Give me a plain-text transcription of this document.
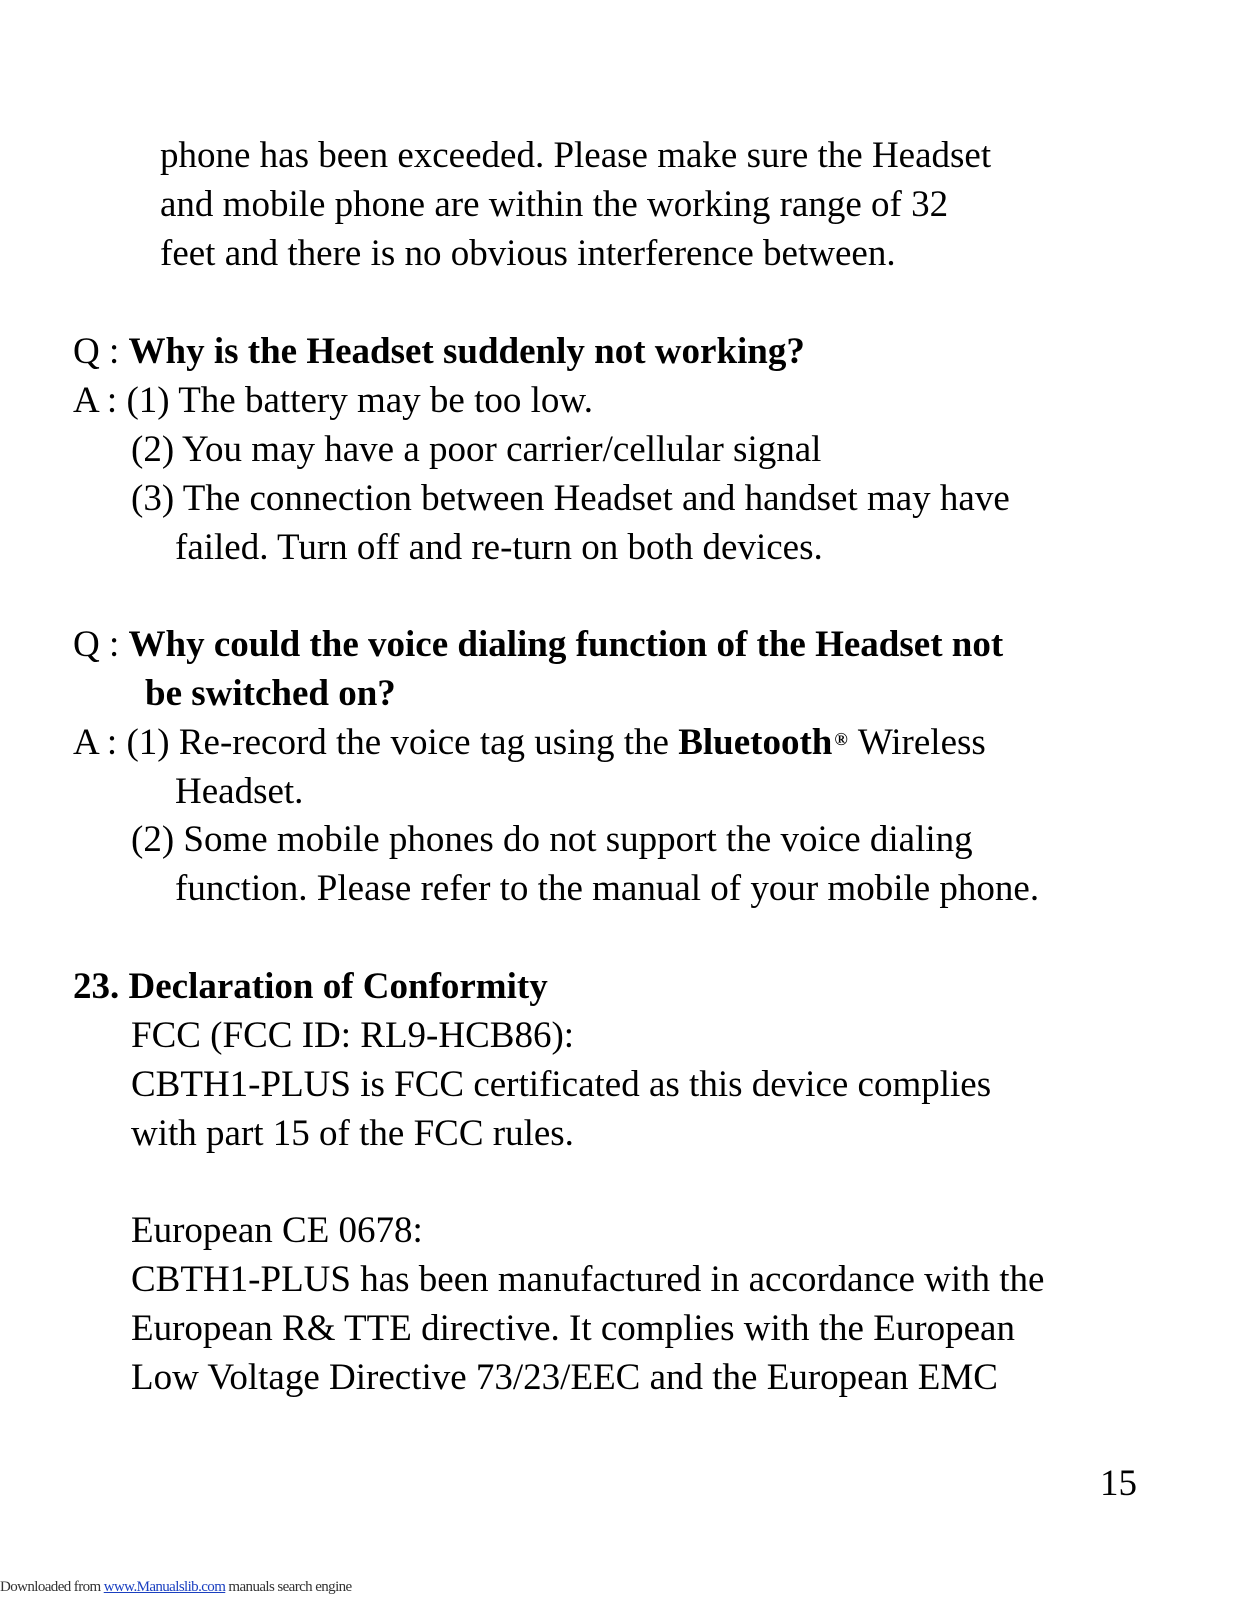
phone has been exceeded. Please make sure the Headset
and mobile phone are within the working range of 32
feet and there is no obvious interference between.
Q : Why is the Headset suddenly not working?
A : (1) The battery may be too low.
(2) You may have a poor carrier/cellular signal
(3) The connection between Headset and handset may have
failed. Turn off and re-turn on both devices.
Q : Why could the voice dialing function of the Headset not
be switched on?
A : (1) Re-record the voice tag using the Bluetooth ® Wireless
Headset.
(2) Some mobile phones do not support the voice dialing
function. Please refer to the manual of your mobile phone.
23. Declaration of Conformity
FCC (FCC ID: RL9-HCB86):
CBTH1-PLUS is FCC certificated as this device complies
with part 15 of the FCC rules.
European CE 0678:
CBTH1-PLUS has been manufactured in accordance with the
European R& TTE directive. It complies with the European
Low Voltage Directive 73/23/EEC and the European EMC
15
Downloaded from www.Manualslib.com manuals search engine
